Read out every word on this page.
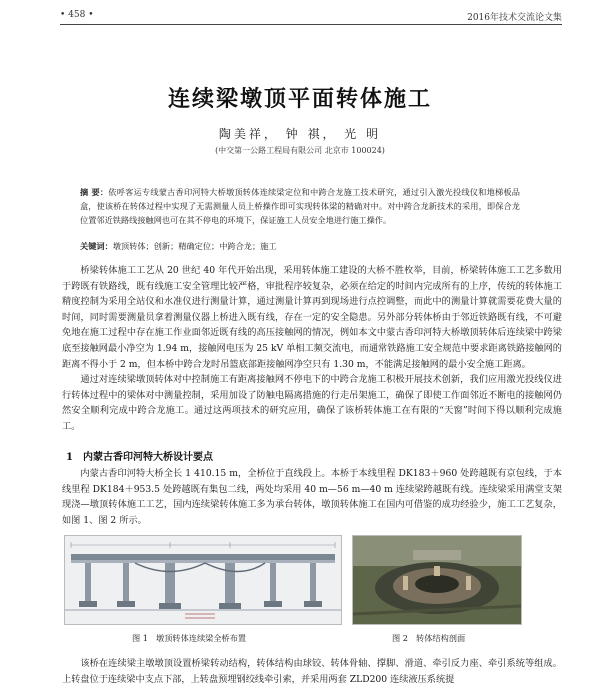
• 458 •	2016年技术交流论文集
连续梁墩顶平面转体施工
陶美祥， 钟 祺， 光 明
(中交第一公路工程局有限公司 北京市 100024)
摘 要：依呼客运专线蒙古香印河特大桥墩顶转体连续梁定位和中跨合龙施工技术研究，通过引入激光投线仪和地梯板品盒，使该桥在转体过程中实现了无需测量人员上桥操作即可实现转体梁的精确对中。对中跨合龙新技术的采用，即保合龙位置邻近铁路线接触网也可在其不停电的环境下，保证施工人员安全地进行施工操作。
关键词：墩顶转体；创新；精确定位；中跨合龙；施工

桥梁转体施工工艺从 20 世纪 40 年代开始出现，采用转体施工建设的大桥不胜枚举，目前，桥梁转体施工工艺多数用于跨既有铁路线，既有线施工安全管理比较严格，审批程序较复杂，必须在给定的时间内完成所有的上序，传统的转体施工精度控制为采用全站仪和水准仪进行测量计算，通过测量计算再到现场进行点控调整，而此中的测量计算就需要花费大量的时间，同时需要测量员拿着测量仪器上桥进入既有线，存在一定的安全隐患。另外部分转体桥由于邻近铁路既有线，不可避免地在施工过程中存在施工作业面邻近既有线的高压接触网的情况，例如本文中蒙古香印河特大桥墩顶转体后连续梁中跨梁底至接触网最小净空为 1.94 m，接触网电压为 25 kV 单相工频交流电，而通常铁路施工安全规范中要求距离铁路接触网的距离不得小于 2 m，但本桥中跨合龙时吊篮底部距接触网净空只有 1.30 m，不能满足接触网的最小安全施工距离。

通过对连续梁墩顶转体对中控制施工有距离接触网不停电下的中跨合龙施工积极开展技术创新，我们应用激光投线仪进行转体过程中的梁体对中测量控制，采用加设了防触电隔离措施的行走吊架施工，确保了即使工作面邻近不断电的接触网仍然安全顺利完成中跨合龙施工。通过这两项技术的研究应用，确保了该桥转体施工在有限的“天窗”时间下得以顺利完成施工。

1 内蒙古香印河特大桥设计要点

内蒙古香印河特大桥全长 1 410.15 m，全桥位于直线段上。本桥于本线里程 DK183＋960 处跨越既有京包线，于本线里程 DK184＋953.5 处跨越既有集包二线，两处均采用 40 m—56 m—40 m 连续梁跨越既有线。连续梁采用满堂支架现浇—墩顶转体施工工艺，国内连续梁转体施工多为承台转体，墩顶转体施工在国内可借鉴的成功经验少，施工工艺复杂，如图 1、图 2 所示。

图 1 墩顶转体连续梁全桥布置	图 2 转体结构剖面

该桥在连续梁主墩墩顶设置桥梁转动结构，转体结构由球铰、转体骨轴、撑脚、滑道、牵引反力座、牵引系统等组成。上转盘位于连续梁中支点下部，上转盘预埋钢绞线牵引索，并采用两套 ZLD200 连续液压系统提
